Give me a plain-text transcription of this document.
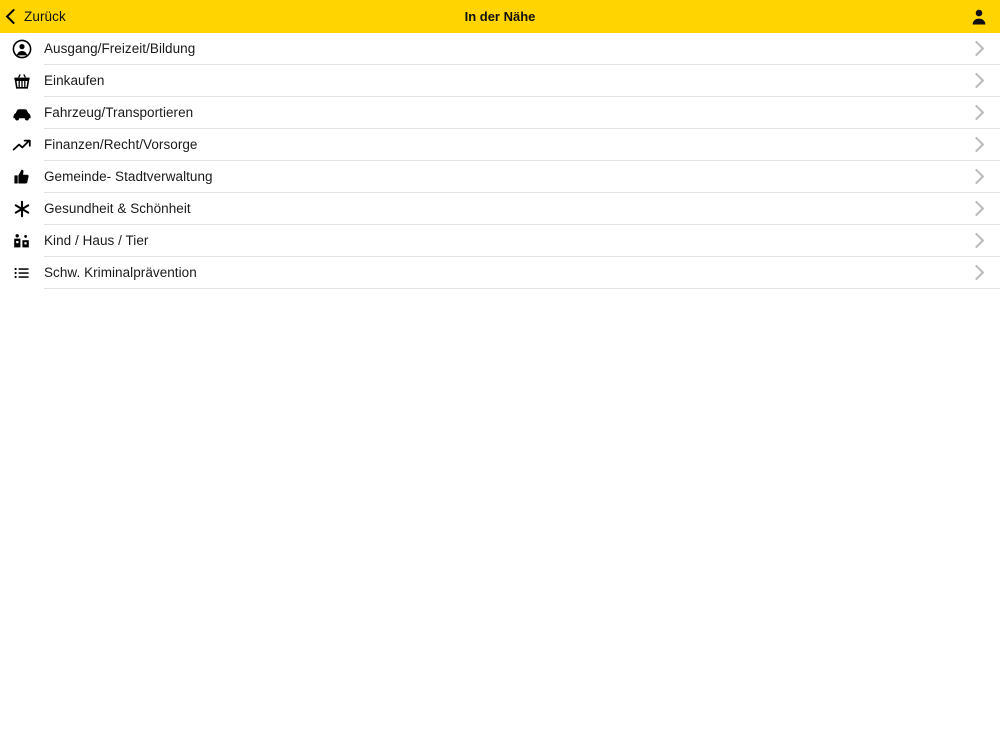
Zurück	In der Nähe
Ausgang/Freizeit/Bildung
Einkaufen
Fahrzeug/Transportieren
Finanzen/Recht/Vorsorge
Gemeinde- Stadtverwaltung
Gesundheit & Schönheit
Kind / Haus / Tier
Schw. Kriminalprävention
